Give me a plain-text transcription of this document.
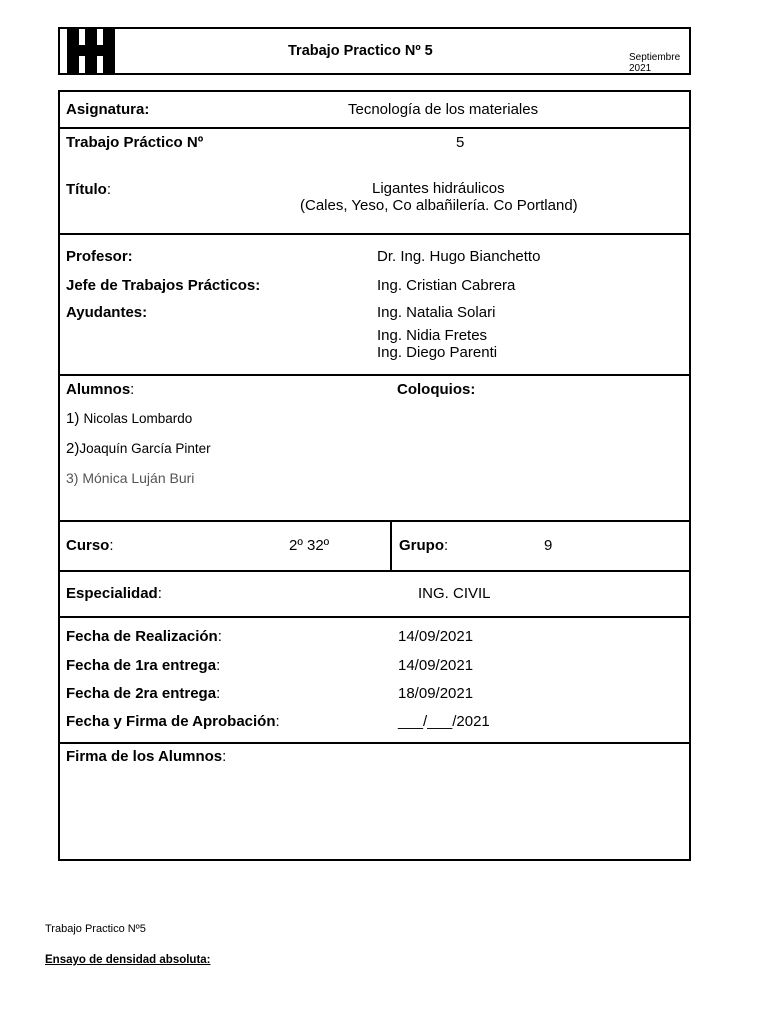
Trabajo Practico Nº 5	Septiembre
2021
Asignatura:	Tecnología de los materiales
Trabajo Práctico Nº	5
Título:	Ligantes hidráulicos
(Cales, Yeso, Co albañilería. Co Portland)
Profesor:	Dr. Ing. Hugo Bianchetto
Jefe de Trabajos Prácticos:	Ing. Cristian Cabrera
Ayudantes:	Ing. Natalia Solari
Ing. Nidia Fretes
Ing. Diego Parenti
Alumnos:	Coloquios:
1) Nicolas Lombardo
2)Joaquín García Pinter
3) Mónica Luján Buri
Curso:	2º 32º	Grupo:	9
Especialidad:	ING. CIVIL
Fecha de Realización:	14/09/2021
Fecha de 1ra entrega:	14/09/2021
Fecha de 2ra entrega:	18/09/2021
Fecha y Firma de Aprobación:	___/___/2021
Firma de los Alumnos:
Trabajo Practico Nº5
Ensayo de densidad absoluta:
